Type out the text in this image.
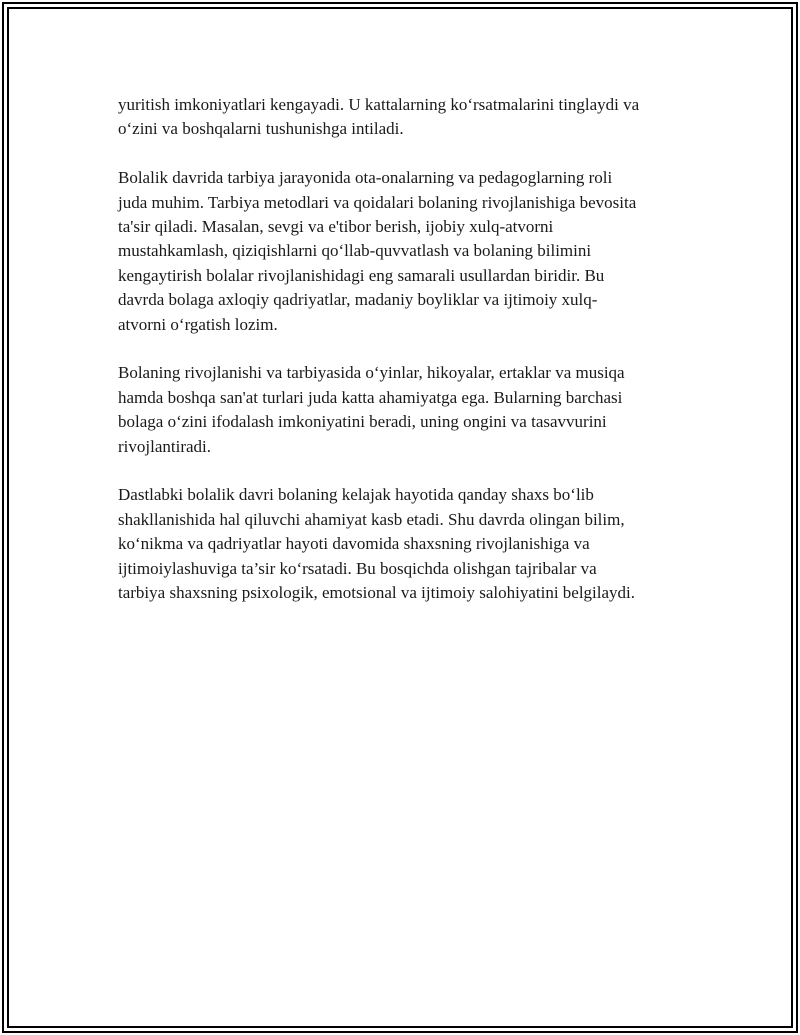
yuritish imkoniyatlari kengayadi. U kattalarning ko‘rsatmalarini tinglaydi va
o‘zini va boshqalarni tushunishga intiladi.

Bolalik davrida tarbiya jarayonida ota-onalarning va pedagoglarning roli
juda muhim. Tarbiya metodlari va qoidalari bolaning rivojlanishiga bevosita
ta'sir qiladi. Masalan, sevgi va e'tibor berish, ijobiy xulq-atvorni
mustahkamlash, qiziqishlarni qo‘llab-quvvatlash va bolaning bilimini
kengaytirish bolalar rivojlanishidagi eng samarali usullardan biridir. Bu
davrda bolaga axloqiy qadriyatlar, madaniy boyliklar va ijtimoiy xulq-
atvorni o‘rgatish lozim.

Bolaning rivojlanishi va tarbiyasida o‘yinlar, hikoyalar, ertaklar va musiqa
hamda boshqa san'at turlari juda katta ahamiyatga ega. Bularning barchasi
bolaga o‘zini ifodalash imkoniyatini beradi, uning ongini va tasavvurini
rivojlantiradi.

Dastlabki bolalik davri bolaning kelajak hayotida qanday shaxs bo‘lib
shakllanishida hal qiluvchi ahamiyat kasb etadi. Shu davrda olingan bilim,
ko‘nikma va qadriyatlar hayoti davomida shaxsning rivojlanishiga va
ijtimoiylashuviga ta’sir ko‘rsatadi. Bu bosqichda olishgan tajribalar va
tarbiya shaxsning psixologik, emotsional va ijtimoiy salohiyatini belgilaydi.
